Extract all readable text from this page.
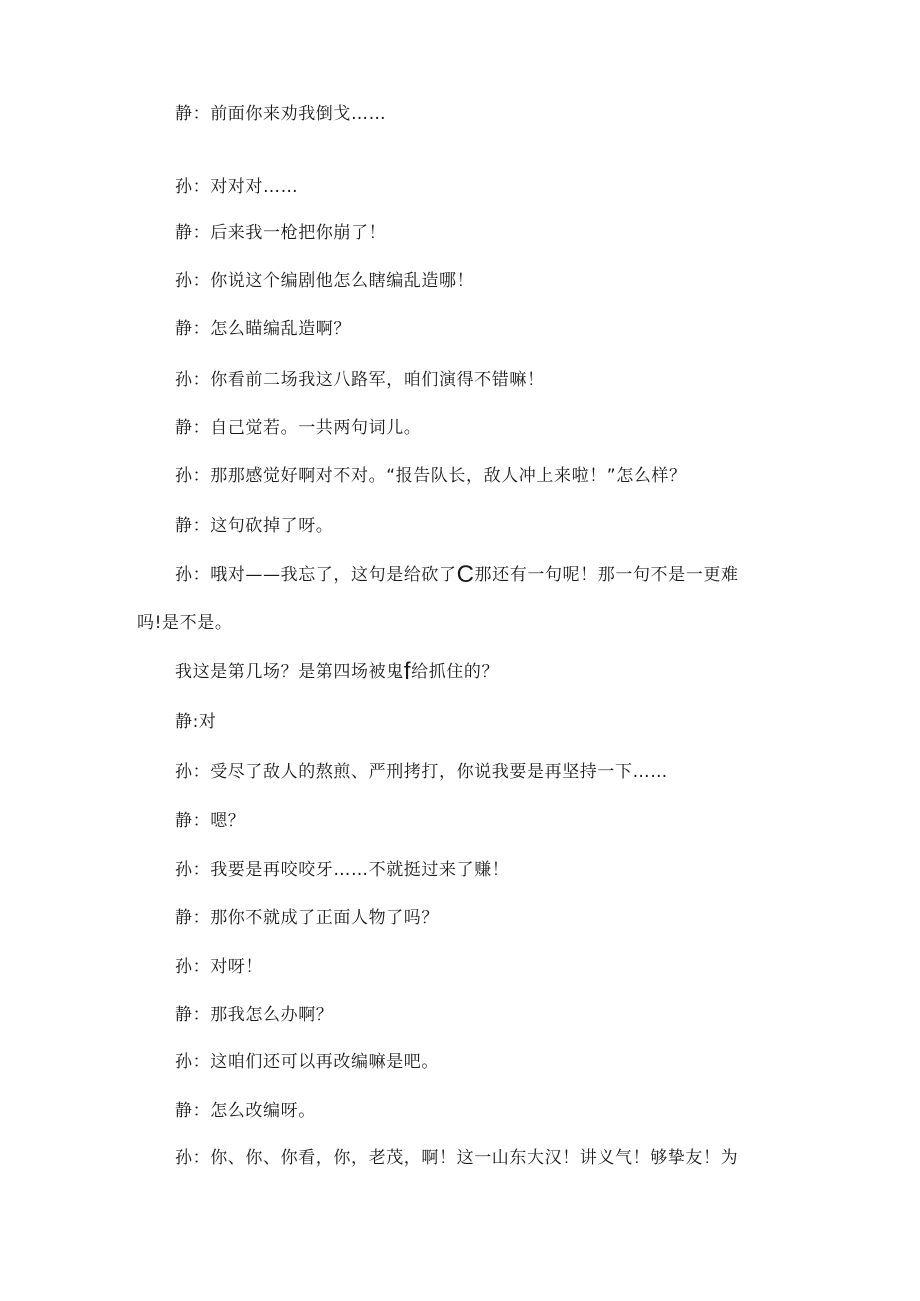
静：前面你来劝我倒戈……
孙：对对对……
静：后来我一枪把你崩了！
孙：你说这个编剧他怎么瞎编乱造哪！
静：怎么瞄编乱造啊？
孙：你看前二场我这八路军，咱们演得不错嘛！
静：自己觉若。一共两句词儿。
孙：那那感觉好啊对不对。“报告队长，敌人冲上来啦！”怎么样？
静：这句砍掉了呀。
孙：哦对——我忘了，这句是给砍了C那还有一句呢！那一句不是一更难
吗!是不是。
我这是第几场？是第四场被鬼f给抓住的？
静:对
孙：受尽了敌人的熬煎、严刑拷打，你说我要是再坚持一下……
静：嗯？
孙：我要是再咬咬牙……不就挺过来了赚！
静：那你不就成了正面人物了吗？
孙：对呀！
静：那我怎么办啊？
孙：这咱们还可以再改编嘛是吧。
静：怎么改编呀。
孙：你、你、你看，你，老茂，啊！这一山东大汉！讲义气！够挚友！为
